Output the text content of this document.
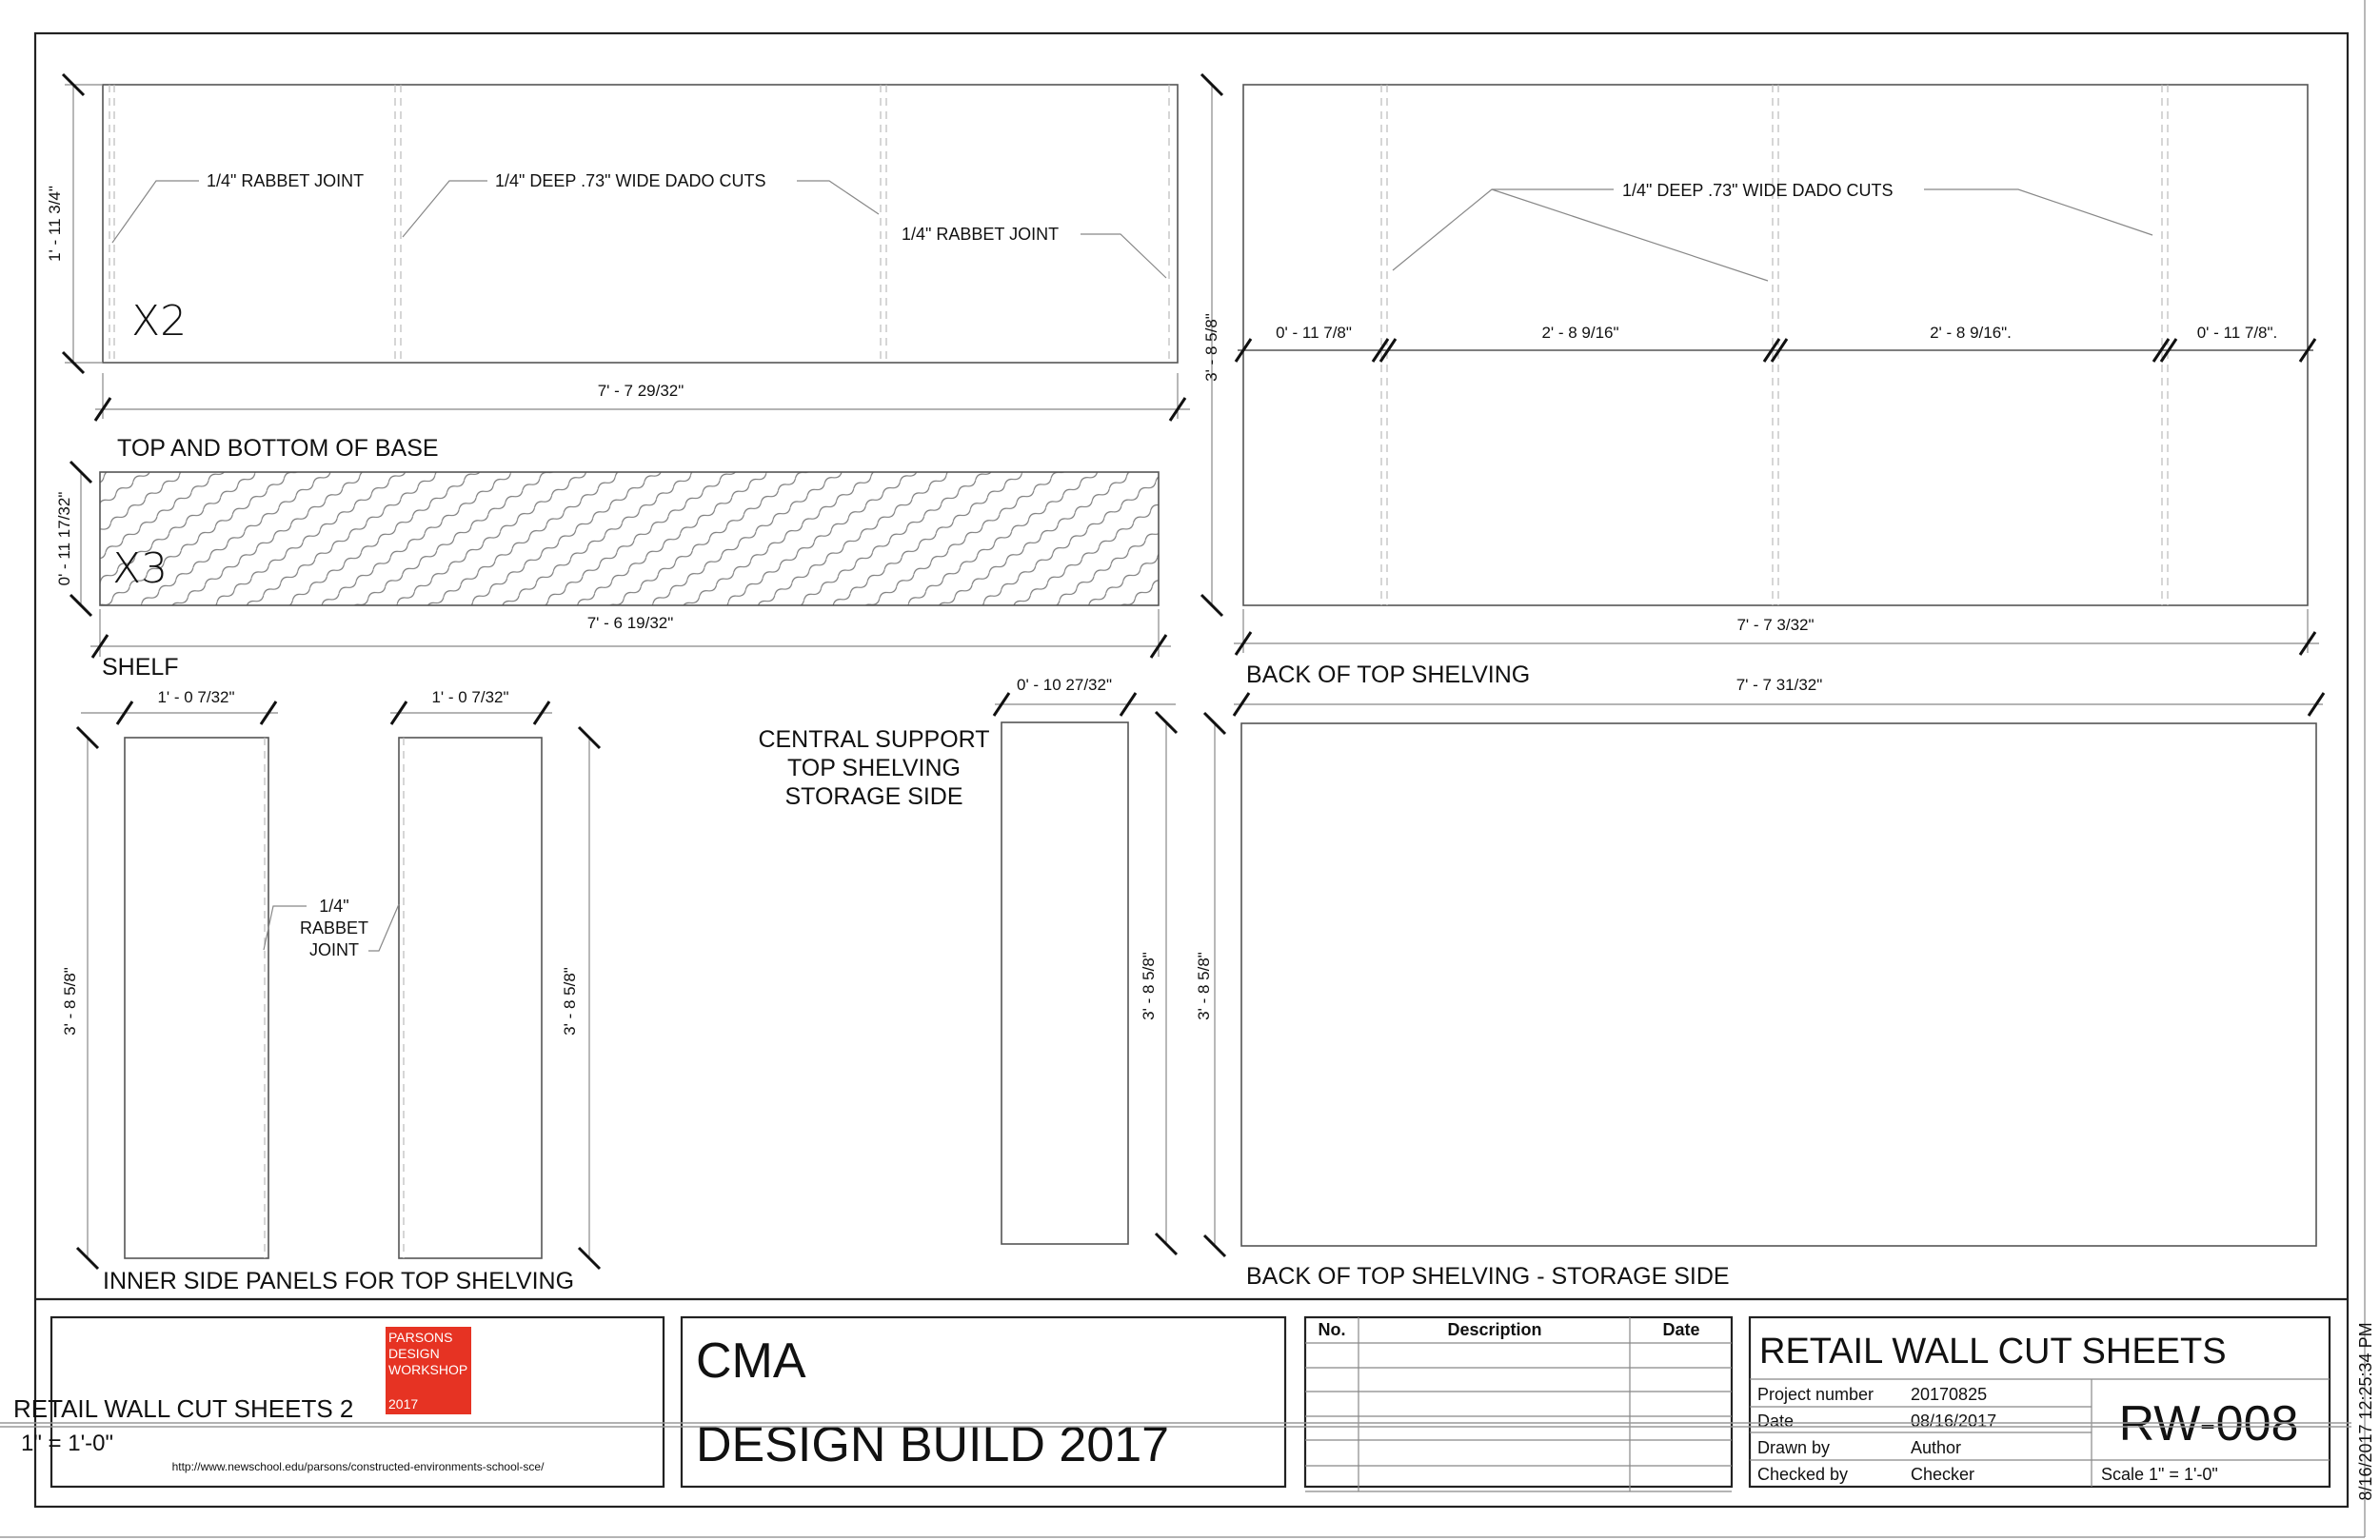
1' - 11 3/4"
7' - 7 29/32"
X2
1/4" RABBET JOINT	1/4" DEEP .73" WIDE DADO CUTS
1/4" RABBET JOINT
TOP AND BOTTOM OF BASE
0' - 11 17/32"
7' - 6 19/32"
X3
SHELF
3' - 8 5/8"	0' - 11 7/8"	2' - 8 9/16"	2' - 8 9/16".	0' - 11 7/8".
1/4" DEEP .73" WIDE DADO CUTS
7' - 7 3/32"
BACK OF TOP SHELVING	7' - 7 31/32"
3' - 8 5/8"
BACK OF TOP SHELVING - STORAGE SIDE
1' - 0 7/32"	1' - 0 7/32"
3' - 8 5/8"	3' - 8 5/8"
1/4"
RABBET
JOINT
INNER SIDE PANELS FOR TOP SHELVING
0' - 10 27/32"
3' - 8 5/8"
CENTRAL SUPPORT
TOP SHELVING
STORAGE SIDE
PARSONS
DESIGN
WORKSHOP
2017
http://www.newschool.edu/parsons/constructed-environments-school-sce/
CMA
DESIGN BUILD 2017
No.	Description	Date
RETAIL WALL CUT SHEETS
Project number 20170825
Date	08/16/2017
Drawn by	Author
Checked by	Checker
RW-008
Scale 1" = 1'-0"	8/16/2017 12:25:34 PM
RETAIL WALL CUT SHEETS 2
1" = 1'-0"
